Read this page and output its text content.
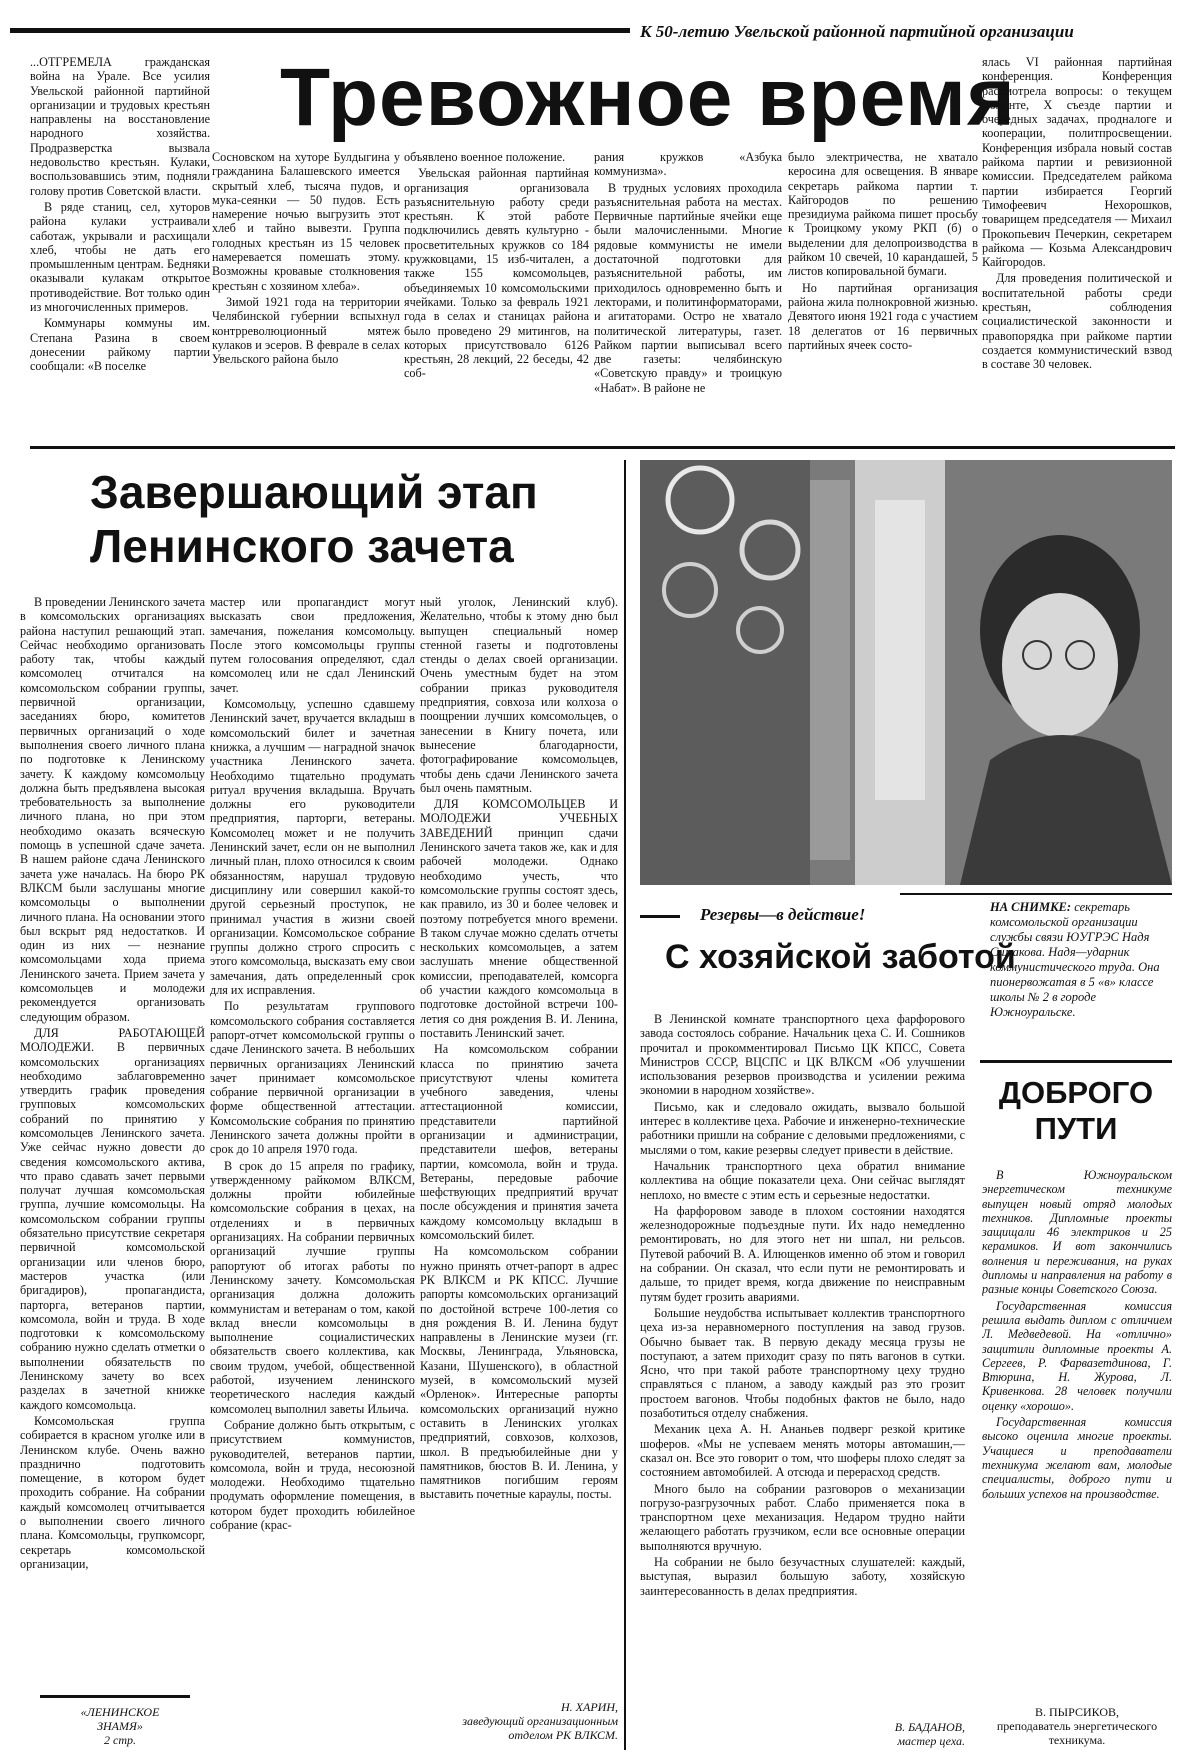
К 50-летию Увельской районной партийной организации
Тревожное время

...ОТГРЕМЕЛА гражданская война на Урале. Все усилия Увельской районной партийной организации и трудовых крестьян направлены на восстановление народного хозяйства. Продразверстка вызвала недовольство крестьян. Кулаки, воспользовавшись этим, подняли голову против Советской власти.

В ряде станиц, сел, хуторов района кулаки устраивали саботаж, укрывали и расхищали хлеб, чтобы не дать его промышленным центрам. Бедняки оказывали кулакам открытое противодействие. Вот только один из многочисленных примеров.

Коммунары коммуны им. Степана Разина в своем донесении райкому партии сообщали: «В поселке

Сосновском на хуторе Булдыгина у гражданина Балашевского имеется скрытый хлеб, тысяча пудов, и мука-сеянки — 50 пудов. Есть намерение ночью выгрузить этот хлеб и тайно вывезти. Группа голодных крестьян из 15 человек намеревается помешать этому. Возможны кровавые столкновения крестьян с хозяином хлеба».

Зимой 1921 года на территории Челябинской губернии вспыхнул контрреволюционный мятеж кулаков и эсеров. В феврале в селах Увельского района было

объявлено военное положение.

Увельская районная партийная организация организовала разъяснительную работу среди крестьян. К этой работе подключились девять культурно - просветительных кружков со 184 кружковцами, 15 изб-читален, а также 155 комсомольцев, объединяемых 10 комсомольскими ячейками. Только за февраль 1921 года в селах и станицах района было проведено 29 митингов, на которых присутствовало 6126 крестьян, 28 лекций, 22 беседы, 42 соб-

рания кружков «Азбука коммунизма».

В трудных условиях проходила разъяснительная работа на местах. Первичные партийные ячейки еще были малочисленными. Многие рядовые коммунисты не имели достаточной подготовки для разъяснительной работы, им приходилось одновременно быть и лекторами, и политинформаторами, и агитаторами. Остро не хватало политической литературы, газет. Райком партии выписывал всего две газеты: челябинскую «Советскую правду» и троицкую «Набат». В районе не

было электричества, не хватало керосина для освещения. В январе секретарь райкома партии т. Кайгородов по решению президиума райкома пишет просьбу к Троицкому укому РКП (б) о выделении для делопроизводства в райком 10 свечей, 10 карандашей, 5 листов копировальной бумаги.

Но партийная организация района жила полнокровной жизнью. Девятого июня 1921 года с участием 18 делегатов от 16 первичных партийных ячеек состо-

ялась VI районная партийная конференция. Конференция рассмотрела вопросы: о текущем моменте, X съезде партии и очередных задачах, продналоге и кооперации, политпросвещении. Конференция избрала новый состав райкома партии и ревизионной комиссии. Председателем райкома партии избирается Георгий Тимофеевич Нехорошков, товарищем председателя — Михаил Прокопьевич Печеркин, секретарем райкома — Козьма Александрович Кайгородов.

Для проведения политической и воспитательной работы среди крестьян, соблюдения социалистической законности и правопорядка при райкоме партии создается коммунистический взвод в составе 30 человек.

Завершающий этап
Ленинского зачета

В проведении Ленинского зачета в комсомольских организациях района наступил решающий этап. Сейчас необходимо организовать работу так, чтобы каждый комсомолец отчитался на комсомольском собрании группы, первичной организации, заседаниях бюро, комитетов первичных организаций о ходе выполнения своего личного плана по подготовке к Ленинскому зачету. К каждому комсомольцу должна быть предъявлена высокая требовательность за выполнение личного плана, но при этом необходимо оказать всяческую помощь в успешной сдаче зачета. В нашем районе сдача Ленинского зачета уже началась. На бюро РК ВЛКСМ были заслушаны многие комсомольцы о выполнении личного плана. На основании этого был вскрыт ряд недостатков. И один из них — незнание комсомольцами хода приема Ленинского зачета. Прием зачета у комсомольцев и молодежи рекомендуется организовать следующим образом.

ДЛЯ РАБОТАЮЩЕЙ МОЛОДЕЖИ. В первичных комсомольских организациях необходимо заблаговременно утвердить график проведения групповых комсомольских собраний по принятию у комсомольцев Ленинского зачета. Уже сейчас нужно довести до сведения комсомольского актива, что право сдавать зачет первыми получат лучшая комсомольская группа, лучшие комсомольцы. На комсомольском собрании группы обязательно присутствие секретаря первичной комсомольской организации или членов бюро, мастеров участка (или бригадиров), пропагандиста, парторга, ветеранов партии, комсомола, войн и труда. В ходе подготовки к комсомольскому собранию нужно сделать отметки о выполнении обязательств по Ленинскому зачету во всех разделах в зачетной книжке каждого комсомольца.

Комсомольская группа собирается в красном уголке или в Ленинском клубе. Очень важно празднично подготовить помещение, в котором будет проходить собрание. На собрании каждый комсомолец отчитывается о выполнении своего личного плана. Комсомольцы, групкомсорг, секретарь комсомольской организации,

мастер или пропагандист могут высказать свои предложения, замечания, пожелания комсомольцу. После этого комсомольцы группы путем голосования определяют, сдал комсомолец или не сдал Ленинский зачет.

Комсомольцу, успешно сдавшему Ленинский зачет, вручается вкладыш в комсомольский билет и зачетная книжка, а лучшим — наградной значок участника Ленинского зачета. Необходимо тщательно продумать ритуал вручения вкладыша. Вручать должны его руководители предприятия, парторги, ветераны. Комсомолец может и не получить Ленинский зачет, если он не выполнил личный план, плохо относился к своим обязанностям, нарушал трудовую дисциплину или совершил какой-то другой серьезный проступок, не принимал участия в жизни своей организации. Комсомольское собрание группы должно строго спросить с этого комсомольца, высказать ему свои замечания, дать определенный срок для их исправления.

По результатам группового комсомольского собрания составляется рапорт-отчет комсомольской группы о сдаче Ленинского зачета. В небольших первичных организациях Ленинский зачет принимает комсомольское собрание первичной организации в форме общественной аттестации. Комсомольские собрания по принятию Ленинского зачета должны пройти в срок до 10 апреля 1970 года.

В срок до 15 апреля по графику, утвержденному райкомом ВЛКСМ, должны пройти юбилейные комсомольские собрания в цехах, на отделениях и в первичных организациях. На собрании первичных организаций лучшие группы рапортуют об итогах работы по Ленинскому зачету. Комсомольская организация должна доложить коммунистам и ветеранам о том, какой вклад внесли комсомольцы в выполнение социалистических обязательств своего коллектива, как своим трудом, учебой, общественной работой, изучением ленинского теоретического наследия каждый комсомолец выполнил заветы Ильича.

Собрание должно быть открытым, с присутствием коммунистов, руководителей, ветеранов партии, комсомола, войн и труда, несоюзной молодежи. Необходимо тщательно продумать оформление помещения, в котором будет проходить юбилейное собрание (крас-

ный уголок, Ленинский клуб). Желательно, чтобы к этому дню был выпущен специальный номер стенной газеты и подготовлены стенды о делах своей организации. Очень уместным будет на этом собрании приказ руководителя предприятия, совхоза или колхоза о поощрении лучших комсомольцев, о занесении в Книгу почета, или вынесение благодарности, фотографирование комсомольцев, чтобы день сдачи Ленинского зачета был очень памятным.

ДЛЯ КОМСОМОЛЬЦЕВ И МОЛОДЕЖИ УЧЕБНЫХ ЗАВЕДЕНИЙ принцип сдачи Ленинского зачета таков же, как и для рабочей молодежи. Однако необходимо учесть, что комсомольские группы состоят здесь, как правило, из 30 и более человек и поэтому потребуется много времени. В таком случае можно сделать отчеты нескольких комсомольцев, а затем заслушать мнение общественной комиссии, преподавателей, комсорга об участии каждого комсомольца в подготовке достойной встречи 100-летия со дня рождения В. И. Ленина, поставить Ленинский зачет.

На комсомольском собрании класса по принятию зачета присутствуют члены комитета учебного заведения, члены аттестационной комиссии, представители партийной организации и администрации, представители шефов, ветераны партии, комсомола, войн и труда. Ветераны, передовые рабочие шефствующих предприятий вручат после обсуждения и принятия зачета каждому комсомольцу вкладыш в комсомольский билет.

На комсомольском собрании нужно принять отчет-рапорт в адрес РК ВЛКСМ и РК КПСС. Лучшие рапорты комсомольских организаций по достойной встрече 100-летия со дня рождения В. И. Ленина будут направлены в Ленинские музеи (гг. Москвы, Ленинграда, Ульяновска, Казани, Шушенского), в областной музей, в комсомольский музей «Орленок». Интересные рапорты комсомольских организаций нужно оставить в Ленинских уголках предприятий, совхозов, колхозов, школ. В предъюбилейные дни у памятников, бюстов В. И. Ленина, у памятников погибшим героям выставить почетные караулы, посты.

Н. ХАРИН,
заведующий организационным отделом РК ВЛКСМ.
«ЛЕНИНСКОЕ
ЗНАМЯ»
2 стр.
НА СНИМКЕ: секретарь комсомольской организации службы связи ЮУГРЭС Надя Симакова. Надя—ударник коммунистического труда. Она пионервожатая в 5 «в» классе школы № 2 в городе Южноуральске.
Резервы—в действие!
С хозяйской заботой

В Ленинской комнате транспортного цеха фарфорового завода состоялось собрание. Начальник цеха С. И. Сошников прочитал и прокомментировал Письмо ЦК КПСС, Совета Министров СССР, ВЦСПС и ЦК ВЛКСМ «Об улучшении использования резервов производства и усилении режима экономии в народном хозяйстве».

Письмо, как и следовало ожидать, вызвало большой интерес в коллективе цеха. Рабочие и инженерно-технические работники пришли на собрание с деловыми предложениями, с мыслями о том, какие резервы следует привести в действие.

Начальник транспортного цеха обратил внимание коллектива на общие показатели цеха. Они сейчас выглядят неплохо, но вместе с этим есть и серьезные недостатки.

На фарфоровом заводе в плохом состоянии находятся железнодорожные подъездные пути. Их надо немедленно ремонтировать, но для этого нет ни шпал, ни рельсов. Путевой рабочий В. А. Илющенков именно об этом и говорил на собрании. Он сказал, что если пути не ремонтировать и дальше, то придет время, когда движение по неисправным путям будет грозить авариями.

Большие неудобства испытывает коллектив транспортного цеха из-за неравномерного поступления на завод грузов. Обычно бывает так. В первую декаду месяца грузы не поступают, а затем приходит сразу по пять вагонов в сутки. Ясно, что при такой работе транспортному цеху трудно справляться с планом, а заводу каждый раз это грозит простоем вагонов. Чтобы подобных фактов не было, надо позаботиться отделу снабжения.

Механик цеха А. Н. Ананьев подверг резкой критике шоферов. «Мы не успеваем менять моторы автомашин,—сказал он. Все это говорит о том, что шоферы плохо следят за состоянием автомобилей. А отсюда и перерасход средств.

Много было на собрании разговоров о механизации погрузо-разгрузочных работ. Слабо применяется пока в транспортном цехе механизация. Недаром трудно найти желающего работать грузчиком, если все основные операции выполняются вручную.

На собрании не было безучастных слушателей: каждый, выступая, выразил большую заботу, хозяйскую заинтересованность в делах предприятия.

В. БАДАНОВ,
мастер цеха.
ДОБРОГО
ПУТИ

В Южноуральском энергетическом техникуме выпущен новый отряд молодых техников. Дипломные проекты защищали 46 электриков и 25 керамиков. И вот закончились волнения и переживания, на руках дипломы и направления на работу в разные концы Советского Союза.

Государственная комиссия решила выдать диплом с отличием Л. Медведевой. На «отлично» защитили дипломные проекты А. Сергеев, Р. Фарвазетдинова, Г. Втюрина, Н. Журова, Л. Кривенкова. 28 человек получили оценку «хорошо».

Государственная комиссия высоко оценила многие проекты. Учащиеся и преподаватели техникума желают вам, молодые специалисты, доброго пути и больших успехов на производстве.

В. ПЫРСИКОВ,
преподаватель энергетического техникума.
